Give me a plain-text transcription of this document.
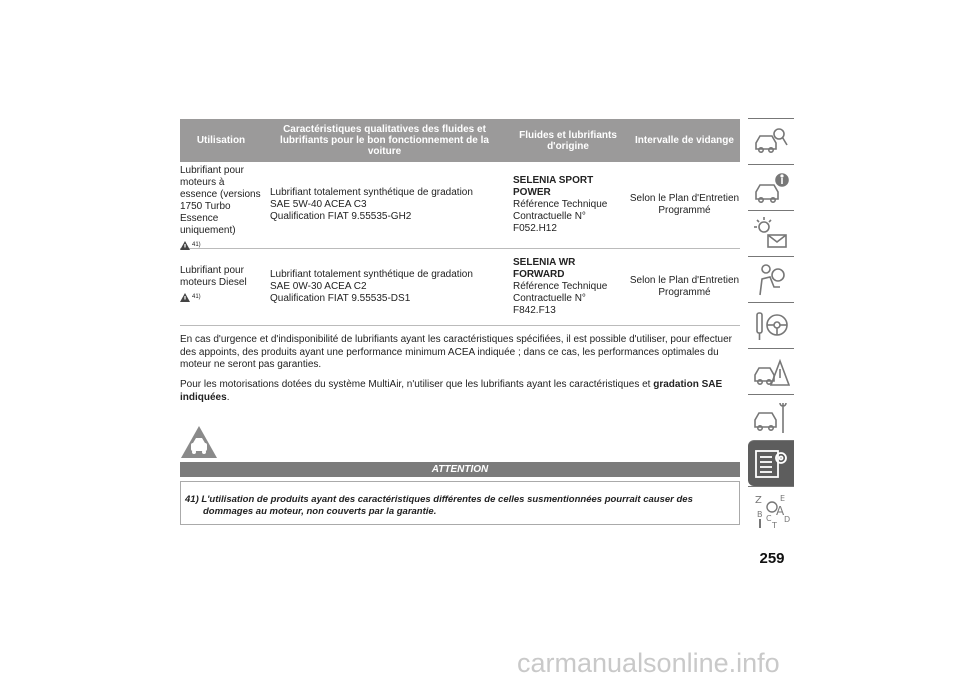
Utilisation
Caractéristiques qualitatives des fluides et lubrifiants pour le bon fonctionnement de la voiture
Fluides et lubrifiants d'origine	Intervalle de vidange
Lubrifiant pour moteurs à essence (versions 1750 Turbo Essence uniquement)
41)
Lubrifiant totalement synthétique de gradation
SAE 5W-40 ACEA C3
Qualification FIAT 9.55535-GH2
SELENIA SPORT POWER
Référence Technique
Contractuelle N°
F052.H12
Selon le Plan d'Entretien Programmé
Lubrifiant pour moteurs Diesel
41)
Lubrifiant totalement synthétique de gradation
SAE 0W-30 ACEA C2
Qualification FIAT 9.55535-DS1
SELENIA WR FORWARD
Référence Technique
Contractuelle N°
F842.F13
Selon le Plan d'Entretien Programmé
En cas d'urgence et d'indisponibilité de lubrifiants ayant les caractéristiques spécifiées, il est possible d'utiliser, pour effectuer des appoints, des produits ayant une performance minimum ACEA indiquée ; dans ce cas, les performances optimales du moteur ne seront pas garanties.
Pour les motorisations dotées du système MultiAir, n'utiliser que les lubrifiants ayant les caractéristiques et gradation SAE indiquées.
ATTENTION
41) L'utilisation de produits ayant des caractéristiques différentes de celles susmentionnées pourrait causer des
dommages au moteur, non couverts par la garantie.
Z E
A
B C D
T
259
carmanualsonline.info
